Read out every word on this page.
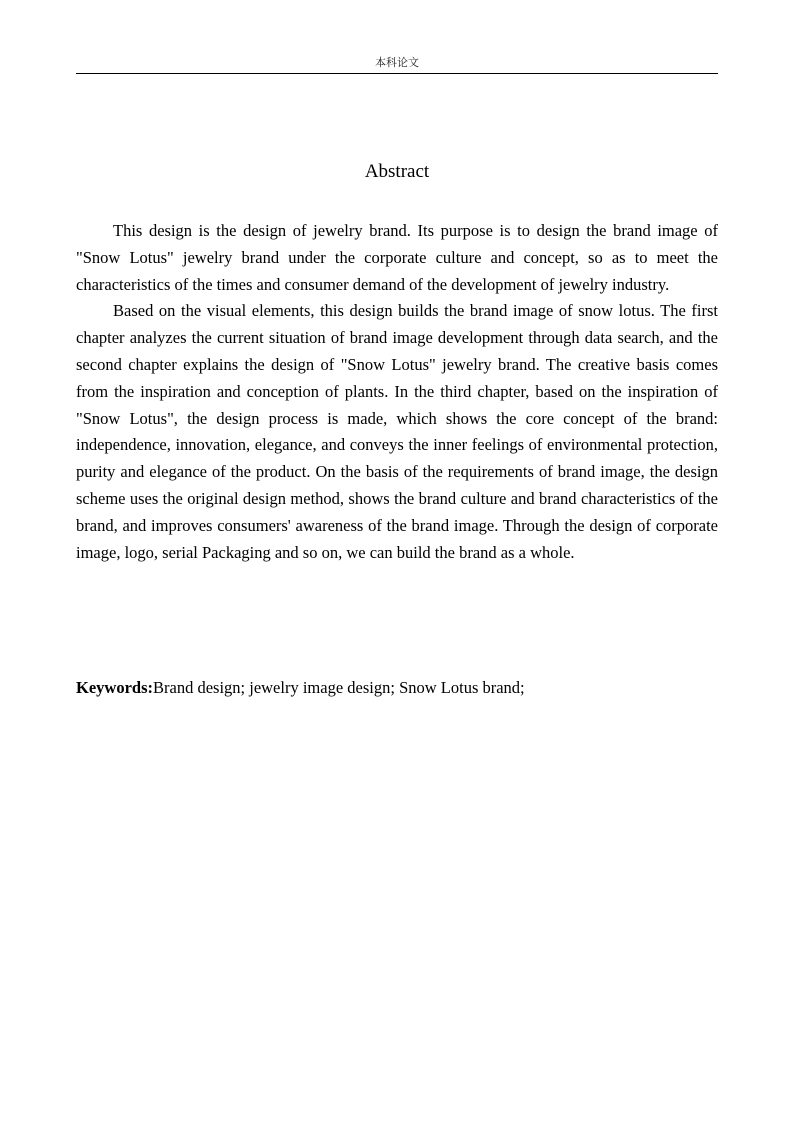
本科论文
Abstract

This design is the design of jewelry brand. Its purpose is to design the brand image of "Snow Lotus" jewelry brand under the corporate culture and concept, so as to meet the characteristics of the times and consumer demand of the development of jewelry industry.

Based on the visual elements, this design builds the brand image of snow lotus. The first chapter analyzes the current situation of brand image development through data search, and the second chapter explains the design of "Snow Lotus" jewelry brand. The creative basis comes from the inspiration and conception of plants. In the third chapter, based on the inspiration of "Snow Lotus", the design process is made, which shows the core concept of the brand: independence, innovation, elegance, and conveys the inner feelings of environmental protection, purity and elegance of the product. On the basis of the requirements of brand image, the design scheme uses the original design method, shows the brand culture and brand characteristics of the brand, and improves consumers' awareness of the brand image. Through the design of corporate image, logo, serial Packaging and so on, we can build the brand as a whole.

Keywords:Brand design; jewelry image design; Snow Lotus brand;
